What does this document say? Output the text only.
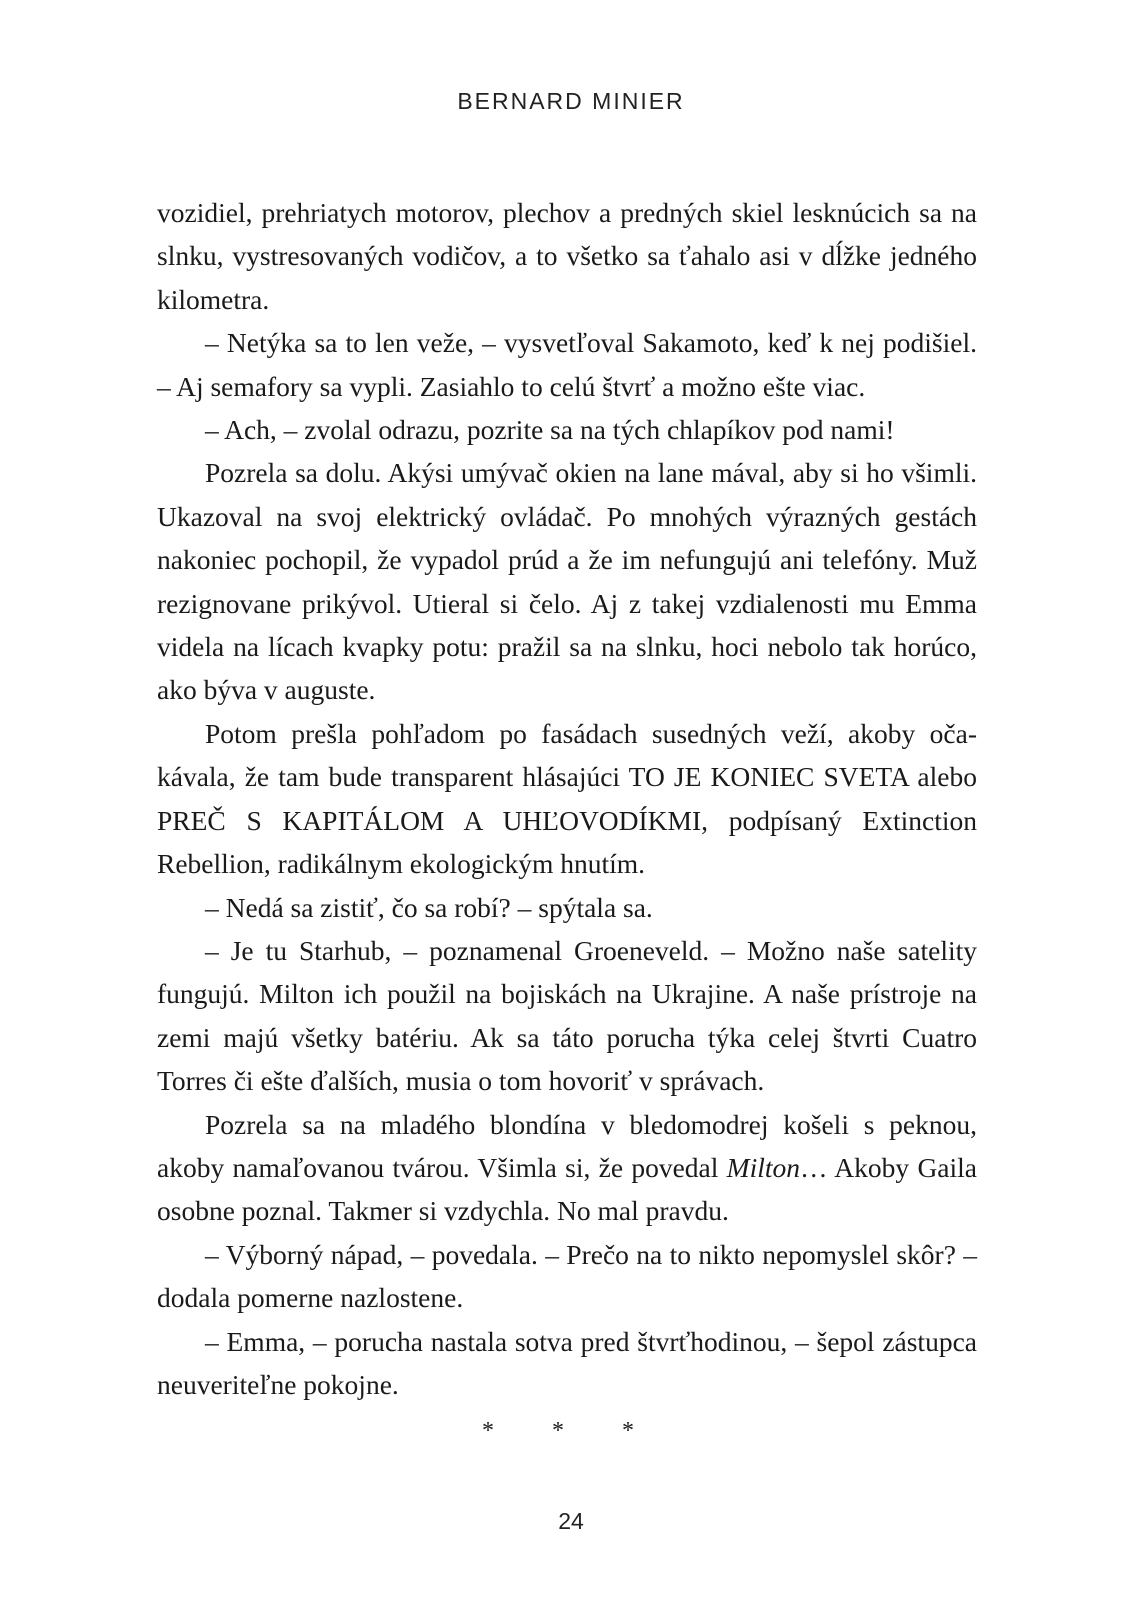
BERNARD MINIER

vozidiel, prehriatych motorov, plechov a predných skiel lesknúcich sa na slnku, vystresovaných vodičov, a to všetko sa ťahalo asi v dĺžke jedného kilometra.

– Netýka sa to len veže, – vysvetľoval Sakamoto, keď k nej podišiel. – Aj semafory sa vypli. Zasiahlo to celú štvrť a možno ešte viac.

– Ach, – zvolal odrazu, pozrite sa na tých chlapíkov pod nami!

Pozrela sa dolu. Akýsi umývač okien na lane mával, aby si ho všimli. Ukazoval na svoj elektrický ovládač. Po mnohých výrazných gestách nakoniec pochopil, že vypadol prúd a že im nefungujú ani telefóny. Muž rezignovane prikývol. Utieral si čelo. Aj z takej vzdialenosti mu Emma videla na lícach kvapky potu: pražil sa na slnku, hoci nebolo tak horúco, ako býva v auguste.

Potom prešla pohľadom po fasádach susedných veží, akoby očakávala, že tam bude transparent hlásajúci TO JE KONIEC SVETA alebo PREČ S KAPITÁLOM A UHĽOVODÍKMI, podpísaný Extinction Rebellion, radikálnym ekologickým hnutím.

– Nedá sa zistiť, čo sa robí? – spýtala sa.

– Je tu Starhub, – poznamenal Groeneveld. – Možno naše satelity fungujú. Milton ich použil na bojiskách na Ukrajine. A naše prístroje na zemi majú všetky batériu. Ak sa táto porucha týka celej štvrti Cuatro Torres či ešte ďalších, musia o tom hovoriť v správach.

Pozrela sa na mladého blondína v bledomodrej košeli s peknou, akoby namaľovanou tvárou. Všimla si, že povedal Milton… Akoby Gaila osobne poznal. Takmer si vzdychla. No mal pravdu.

– Výborný nápad, – povedala. – Prečo na to nikto nepomyslel skôr? – dodala pomerne nazlostene.

– Emma, – porucha nastala sotva pred štvrťhodinou, – šepol zástupca neuveriteľne pokojne.

* * *
24
